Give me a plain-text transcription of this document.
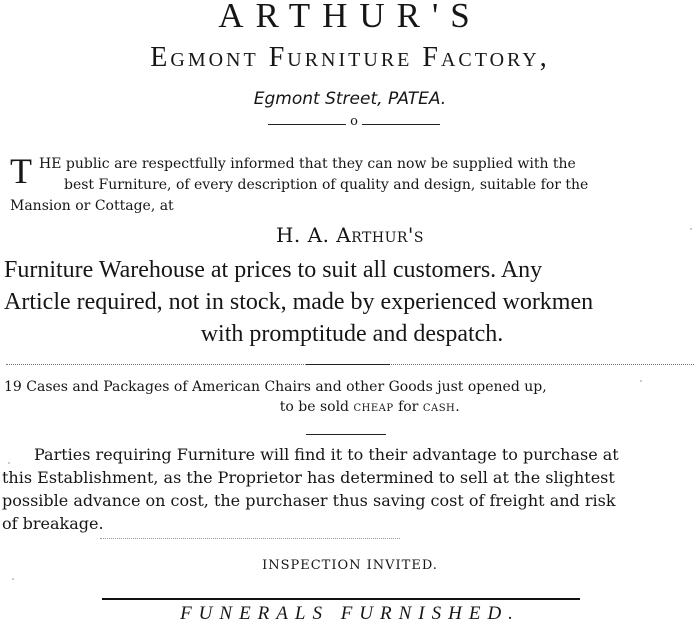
ARTHUR'S
Egmont Furniture Factory,
Egmont Street, PATEA.
o
T HE public are respectfully informed that they can now be supplied with the
best Furniture, of every description of quality and design, suitable for the
Mansion or Cottage, at
H. A. Arthur's
Furniture Warehouse at prices to suit all customers. Any
Article required, not in stock, made by experienced workmen
with promptitude and despatch.
19 Cases and Packages of American Chairs and other Goods just opened up,
to be sold cheap for cash.
Parties requiring Furniture will find it to their advantage to purchase at
this Establishment, as the Proprietor has determined to sell at the slightest
possible advance on cost, the purchaser thus saving cost of freight and risk
of breakage.
INSPECTION INVITED.
FUNERALS FURNISHED.
